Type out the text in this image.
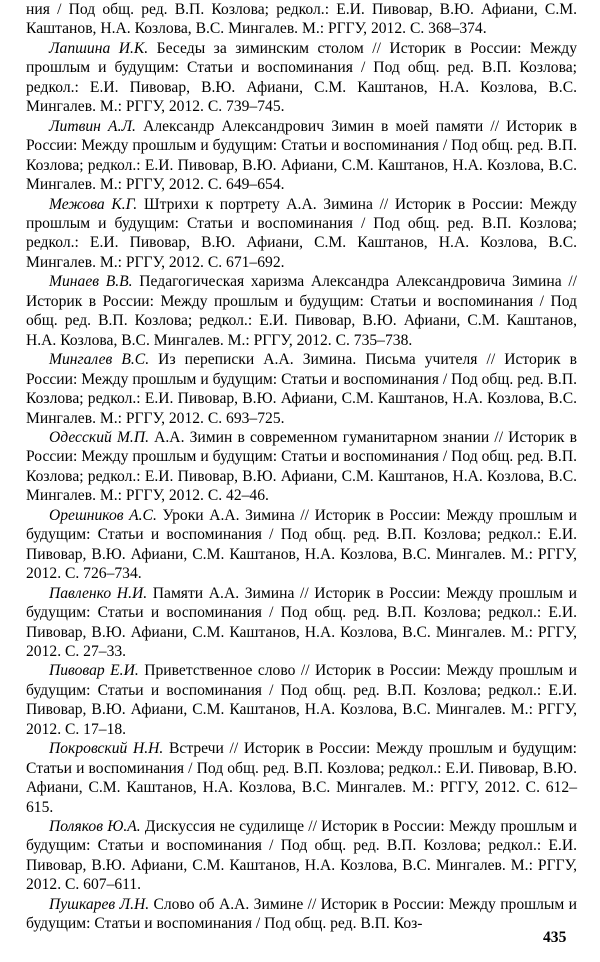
ния / Под общ. ред. В.П. Козлова; редкол.: Е.И. Пивовар, В.Ю. Афиани, С.М. Каштанов, Н.А. Козлова, В.С. Мингалев. М.: РГГУ, 2012. С. 368–374.

Лапшина И.К. Беседы за зиминским столом // Историк в России: Между прошлым и будущим: Статьи и воспоминания / Под общ. ред. В.П. Козлова; редкол.: Е.И. Пивовар, В.Ю. Афиани, С.М. Каштанов, Н.А. Козлова, В.С. Мингалев. М.: РГГУ, 2012. С. 739–745.

Литвин А.Л. Александр Александрович Зимин в моей памяти // Историк в России: Между прошлым и будущим: Статьи и воспоминания / Под общ. ред. В.П. Козлова; редкол.: Е.И. Пивовар, В.Ю. Афиани, С.М. Каштанов, Н.А. Козлова, В.С. Мингалев. М.: РГГУ, 2012. С. 649–654.

Межова К.Г. Штрихи к портрету А.А. Зимина // Историк в России: Между прошлым и будущим: Статьи и воспоминания / Под общ. ред. В.П. Козлова; редкол.: Е.И. Пивовар, В.Ю. Афиани, С.М. Каштанов, Н.А. Козлова, В.С. Мингалев. М.: РГГУ, 2012. С. 671–692.

Минаев В.В. Педагогическая харизма Александра Александровича Зимина // Историк в России: Между прошлым и будущим: Статьи и воспоминания / Под общ. ред. В.П. Козлова; редкол.: Е.И. Пивовар, В.Ю. Афиани, С.М. Каштанов, Н.А. Козлова, В.С. Мингалев. М.: РГГУ, 2012. С. 735–738.

Мингалев В.С. Из переписки А.А. Зимина. Письма учителя // Историк в России: Между прошлым и будущим: Статьи и воспоминания / Под общ. ред. В.П. Козлова; редкол.: Е.И. Пивовар, В.Ю. Афиани, С.М. Каштанов, Н.А. Козлова, В.С. Мингалев. М.: РГГУ, 2012. С. 693–725.

Одесский М.П. А.А. Зимин в современном гуманитарном знании // Историк в России: Между прошлым и будущим: Статьи и воспоминания / Под общ. ред. В.П. Козлова; редкол.: Е.И. Пивовар, В.Ю. Афиани, С.М. Каштанов, Н.А. Козлова, В.С. Мингалев. М.: РГГУ, 2012. С. 42–46.

Орешников А.С. Уроки А.А. Зимина // Историк в России: Между прошлым и будущим: Статьи и воспоминания / Под общ. ред. В.П. Козлова; редкол.: Е.И. Пивовар, В.Ю. Афиани, С.М. Каштанов, Н.А. Козлова, В.С. Мингалев. М.: РГГУ, 2012. С. 726–734.

Павленко Н.И. Памяти А.А. Зимина // Историк в России: Между прошлым и будущим: Статьи и воспоминания / Под общ. ред. В.П. Козлова; редкол.: Е.И. Пивовар, В.Ю. Афиани, С.М. Каштанов, Н.А. Козлова, В.С. Мингалев. М.: РГГУ, 2012. С. 27–33.

Пивовар Е.И. Приветственное слово // Историк в России: Между прошлым и будущим: Статьи и воспоминания / Под общ. ред. В.П. Козлова; редкол.: Е.И. Пивовар, В.Ю. Афиани, С.М. Каштанов, Н.А. Козлова, В.С. Мингалев. М.: РГГУ, 2012. С. 17–18.

Покровский Н.Н. Встречи // Историк в России: Между прошлым и будущим: Статьи и воспоминания / Под общ. ред. В.П. Козлова; редкол.: Е.И. Пивовар, В.Ю. Афиани, С.М. Каштанов, Н.А. Козлова, В.С. Мингалев. М.: РГГУ, 2012. С. 612–615.

Поляков Ю.А. Дискуссия не судилище // Историк в России: Между прошлым и будущим: Статьи и воспоминания / Под общ. ред. В.П. Козлова; редкол.: Е.И. Пивовар, В.Ю. Афиани, С.М. Каштанов, Н.А. Козлова, В.С. Мингалев. М.: РГГУ, 2012. С. 607–611.

Пушкарев Л.Н. Слово об А.А. Зимине // Историк в России: Между прошлым и будущим: Статьи и воспоминания / Под общ. ред. В.П. Коз-

435
